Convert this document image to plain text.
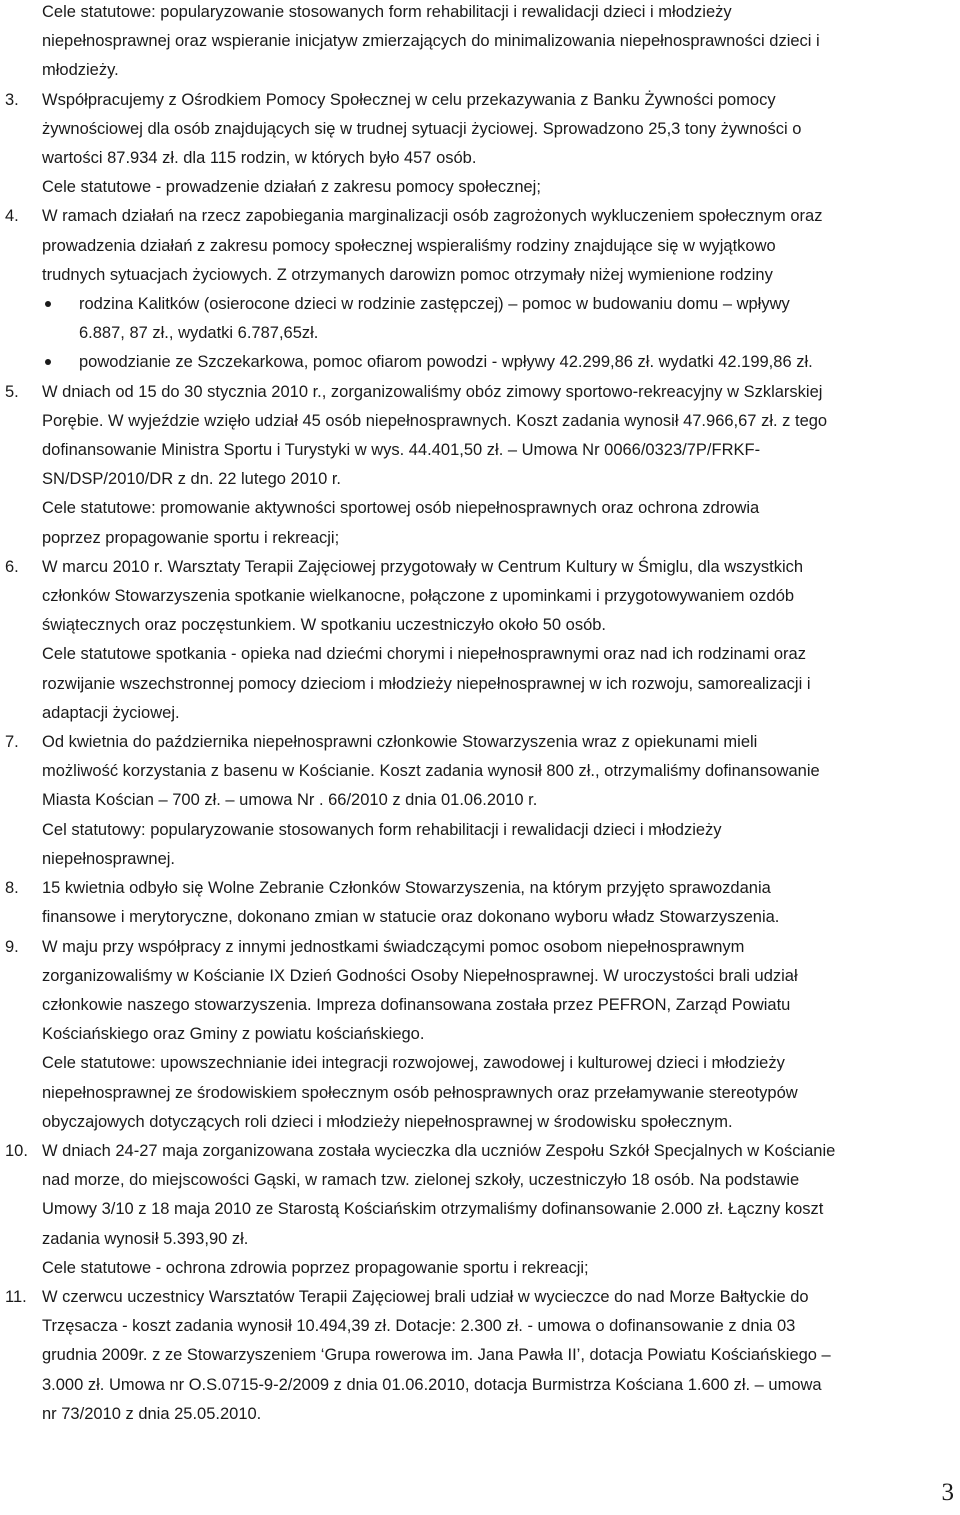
Cele statutowe: popularyzowanie stosowanych form rehabilitacji i rewalidacji dzieci i młodzieży
niepełnosprawnej oraz wspieranie inicjatyw zmierzających do minimalizowania niepełnosprawności dzieci i
młodzieży.
3. Współpracujemy z Ośrodkiem Pomocy Społecznej w celu przekazywania z Banku Żywności pomocy
żywnościowej dla osób znajdujących się w trudnej sytuacji życiowej. Sprowadzono 25,3 tony żywności o
wartości 87.934 zł. dla 115 rodzin, w których było 457 osób.
Cele statutowe - prowadzenie działań z zakresu pomocy społecznej;
4. W ramach działań na rzecz zapobiegania marginalizacji osób zagrożonych wykluczeniem społecznym oraz
prowadzenia działań z zakresu pomocy społecznej wspieraliśmy rodziny znajdujące się w wyjątkowo
trudnych sytuacjach życiowych. Z otrzymanych darowizn pomoc otrzymały niżej wymienione rodziny
rodzina Kalitków (osierocone dzieci w rodzinie zastępczej) – pomoc w budowaniu domu – wpływy
6.887, 87 zł., wydatki 6.787,65zł.
powodzianie ze Szczekarkowa, pomoc ofiarom powodzi - wpływy 42.299,86 zł. wydatki 42.199,86 zł.
5. W dniach od 15 do 30 stycznia 2010 r., zorganizowaliśmy obóz zimowy sportowo-rekreacyjny w Szklarskiej
Porębie. W wyjeździe wzięło udział 45 osób niepełnosprawnych. Koszt zadania wynosił 47.966,67 zł. z tego
dofinansowanie Ministra Sportu i Turystyki w wys. 44.401,50 zł. – Umowa Nr 0066/0323/7P/FRKF-
SN/DSP/2010/DR z dn. 22 lutego 2010 r.
Cele statutowe: promowanie aktywności sportowej osób niepełnosprawnych oraz ochrona zdrowia
poprzez propagowanie sportu i rekreacji;
6. W marcu 2010 r. Warsztaty Terapii Zajęciowej przygotowały w Centrum Kultury w Śmiglu, dla wszystkich
członków Stowarzyszenia spotkanie wielkanocne, połączone z upominkami i przygotowywaniem ozdób
świątecznych oraz poczęstunkiem. W spotkaniu uczestniczyło około 50 osób.
Cele statutowe spotkania - opieka nad dziećmi chorymi i niepełnosprawnymi oraz nad ich rodzinami oraz
rozwijanie wszechstronnej pomocy dzieciom i młodzieży niepełnosprawnej w ich rozwoju, samorealizacji i
adaptacji życiowej.
7. Od kwietnia do października niepełnosprawni członkowie Stowarzyszenia wraz z opiekunami mieli
możliwość korzystania z basenu w Kościanie. Koszt zadania wynosił 800 zł., otrzymaliśmy dofinansowanie
Miasta Kościan – 700 zł. – umowa Nr . 66/2010 z dnia 01.06.2010 r.
Cel statutowy: popularyzowanie stosowanych form rehabilitacji i rewalidacji dzieci i młodzieży
niepełnosprawnej.
8. 15 kwietnia odbyło się Wolne Zebranie Członków Stowarzyszenia, na którym przyjęto sprawozdania
finansowe i merytoryczne, dokonano zmian w statucie oraz dokonano wyboru władz Stowarzyszenia.
9. W maju przy współpracy z innymi jednostkami świadczącymi pomoc osobom niepełnosprawnym
zorganizowaliśmy w Kościanie IX Dzień Godności Osoby Niepełnosprawnej. W uroczystości brali udział
członkowie naszego stowarzyszenia. Impreza dofinansowana została przez PEFRON, Zarząd Powiatu
Kościańskiego oraz Gminy z powiatu kościańskiego.
Cele statutowe: upowszechnianie idei integracji rozwojowej, zawodowej i kulturowej dzieci i młodzieży
niepełnosprawnej ze środowiskiem społecznym osób pełnosprawnych oraz przełamywanie stereotypów
obyczajowych dotyczących roli dzieci i młodzieży niepełnosprawnej w środowisku społecznym.
10. W dniach 24-27 maja zorganizowana została wycieczka dla uczniów Zespołu Szkół Specjalnych w Kościanie
nad morze, do miejscowości Gąski, w ramach tzw. zielonej szkoły, uczestniczyło 18 osób. Na podstawie
Umowy 3/10 z 18 maja 2010 ze Starostą Kościańskim otrzymaliśmy dofinansowanie 2.000 zł. Łączny koszt
zadania wynosił 5.393,90 zł.
Cele statutowe - ochrona zdrowia poprzez propagowanie sportu i rekreacji;
11. W czerwcu uczestnicy Warsztatów Terapii Zajęciowej brali udział w wycieczce do nad Morze Bałtyckie do
Trzęsacza - koszt zadania wynosił 10.494,39 zł. Dotacje: 2.300 zł. - umowa o dofinansowanie z dnia 03
grudnia 2009r. z ze Stowarzyszeniem ‘Grupa rowerowa im. Jana Pawła II’, dotacja Powiatu Kościańskiego –
3.000 zł. Umowa nr O.S.0715-9-2/2009 z dnia 01.06.2010, dotacja Burmistrza Kościana 1.600 zł. – umowa
nr 73/2010 z dnia 25.05.2010.
3
